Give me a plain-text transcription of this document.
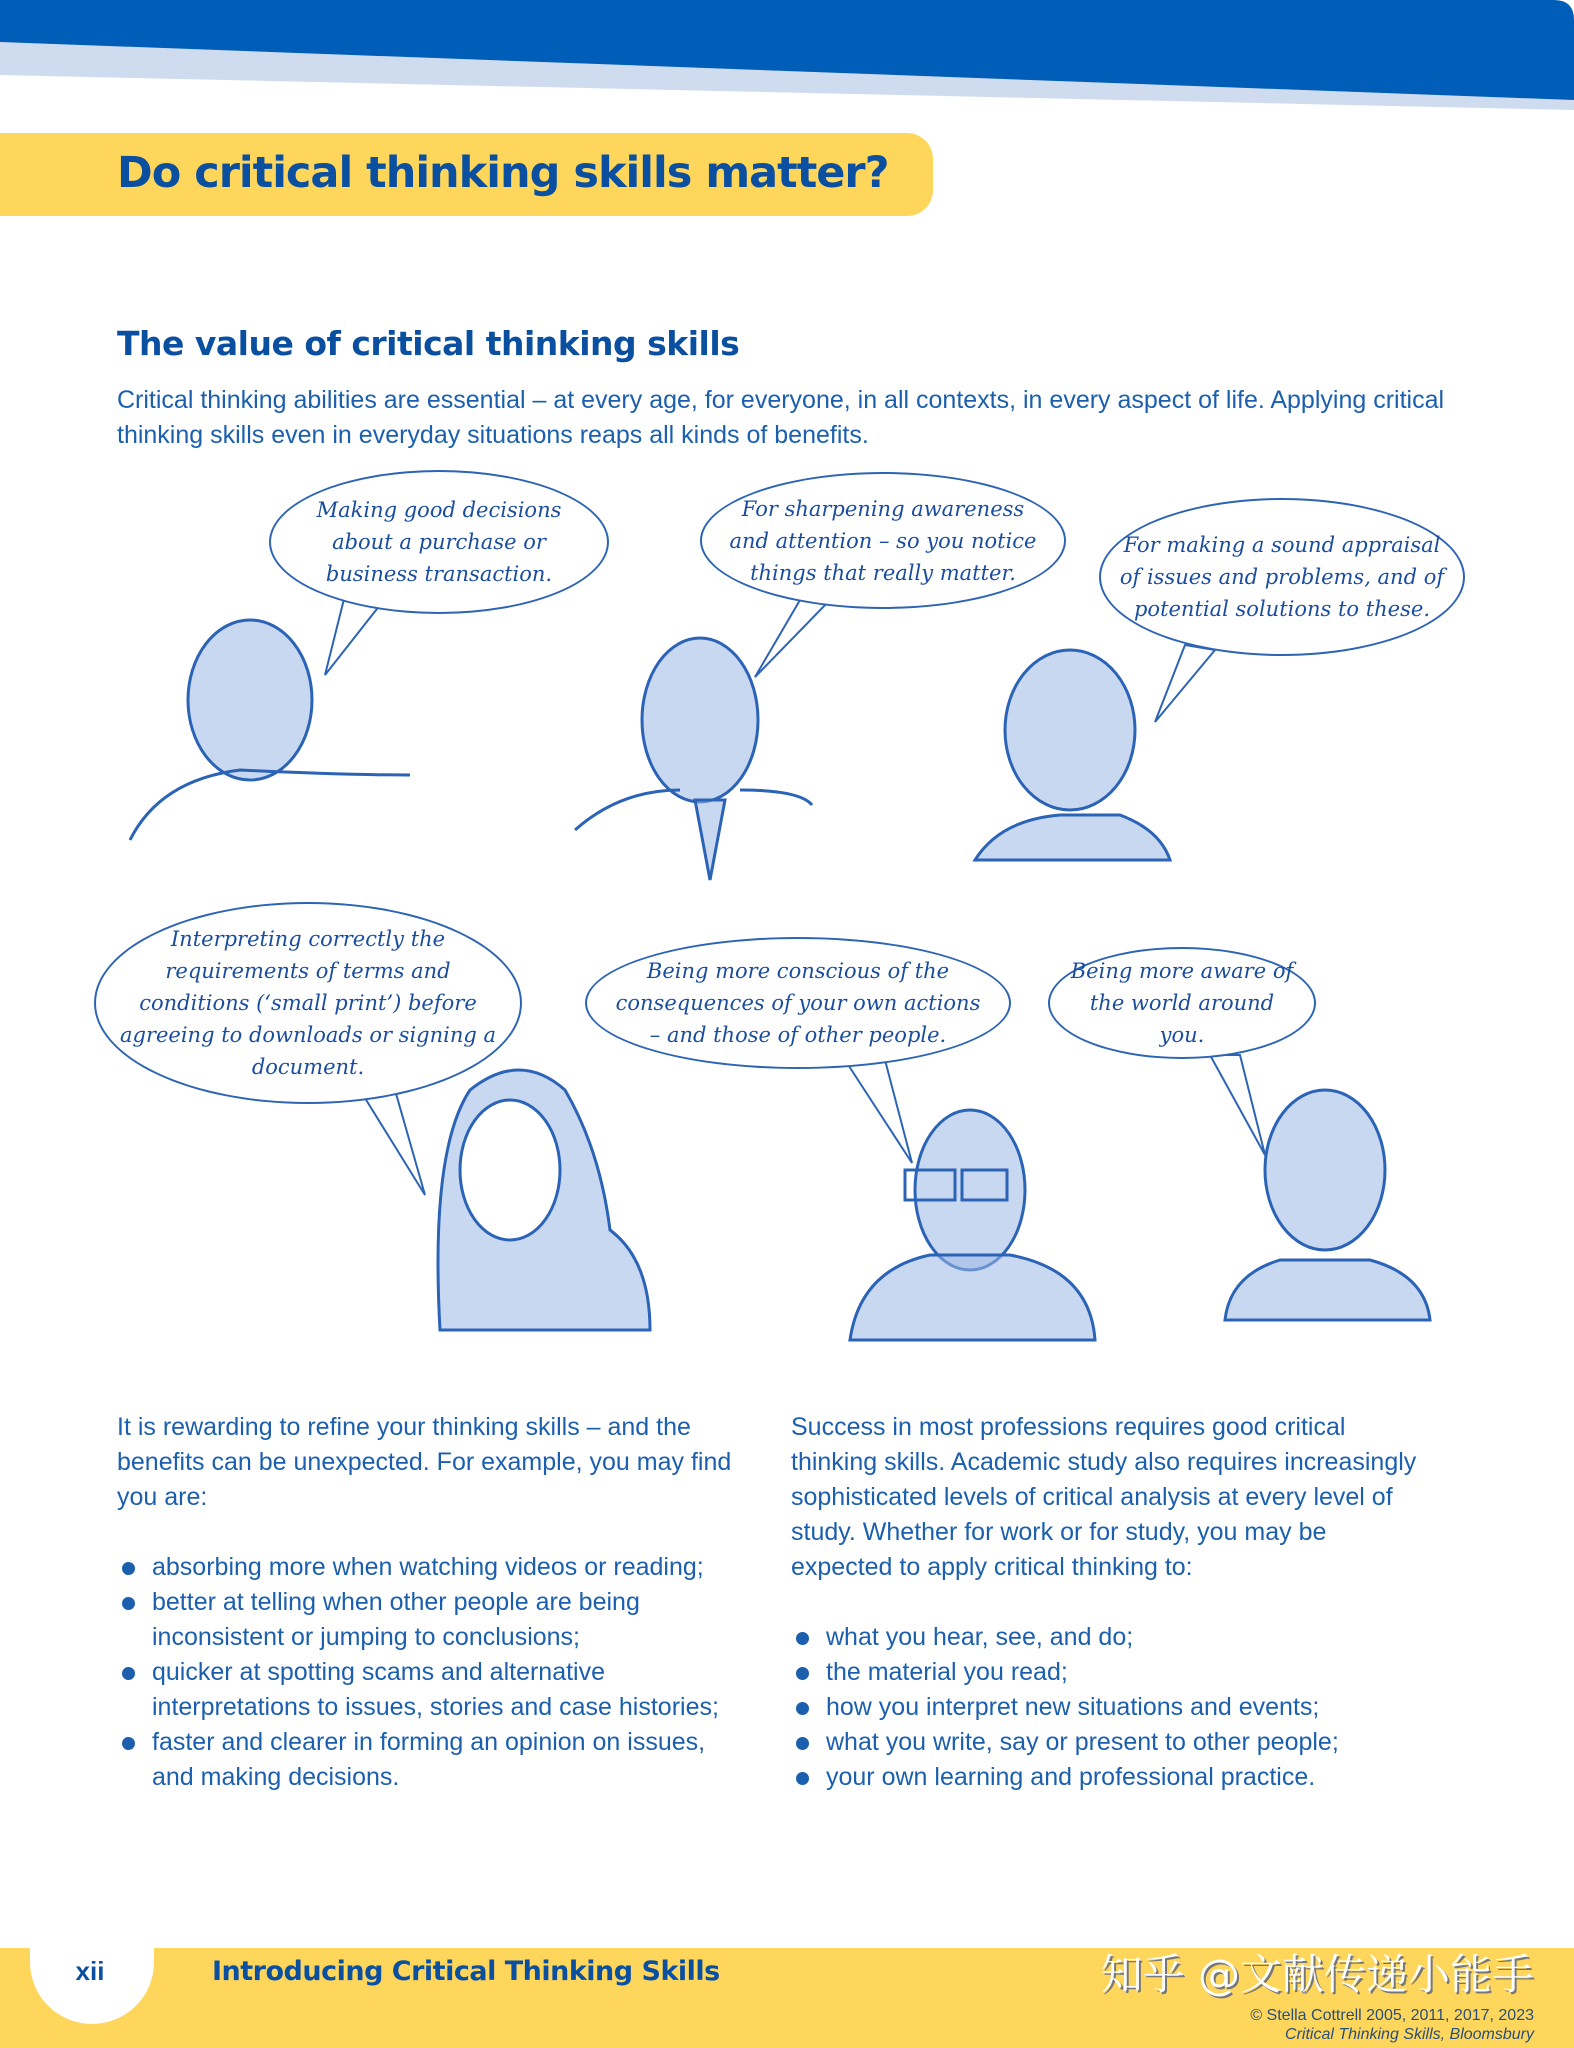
Do critical thinking skills matter?
The value of critical thinking skills
Critical thinking abilities are essential – at every age, for everyone, in all contexts, in every aspect of life. Applying critical thinking skills even in everyday situations reaps all kinds of benefits.
Making good decisions about a purchase or business transaction.
For sharpening awareness and attention – so you notice things that really matter.
For making a sound appraisal of issues and problems, and of potential solutions to these.
Interpreting correctly the requirements of terms and conditions (‘small print’) before agreeing to downloads or signing a document.
Being more conscious of the consequences of your own actions – and those of other people.
Being more aware of the world around you.

It is rewarding to refine your thinking skills – and the benefits can be unexpected. For example, you may find you are:

absorbing more when watching videos or reading;
better at telling when other people are being inconsistent or jumping to conclusions;
quicker at spotting scams and alternative interpretations to issues, stories and case histories;
faster and clearer in forming an opinion on issues, and making decisions.

Success in most professions requires good critical thinking skills. Academic study also requires increasingly sophisticated levels of critical analysis at every level of study. Whether for work or for study, you may be expected to apply critical thinking to:

what you hear, see, and do;
the material you read;
how you interpret new situations and events;
what you write, say or present to other people;
your own learning and professional practice.
xii	Introducing Critical Thinking Skills	知乎 @文献传递小能手
© Stella Cottrell 2005, 2011, 2017, 2023
Critical Thinking Skills, Bloomsbury
